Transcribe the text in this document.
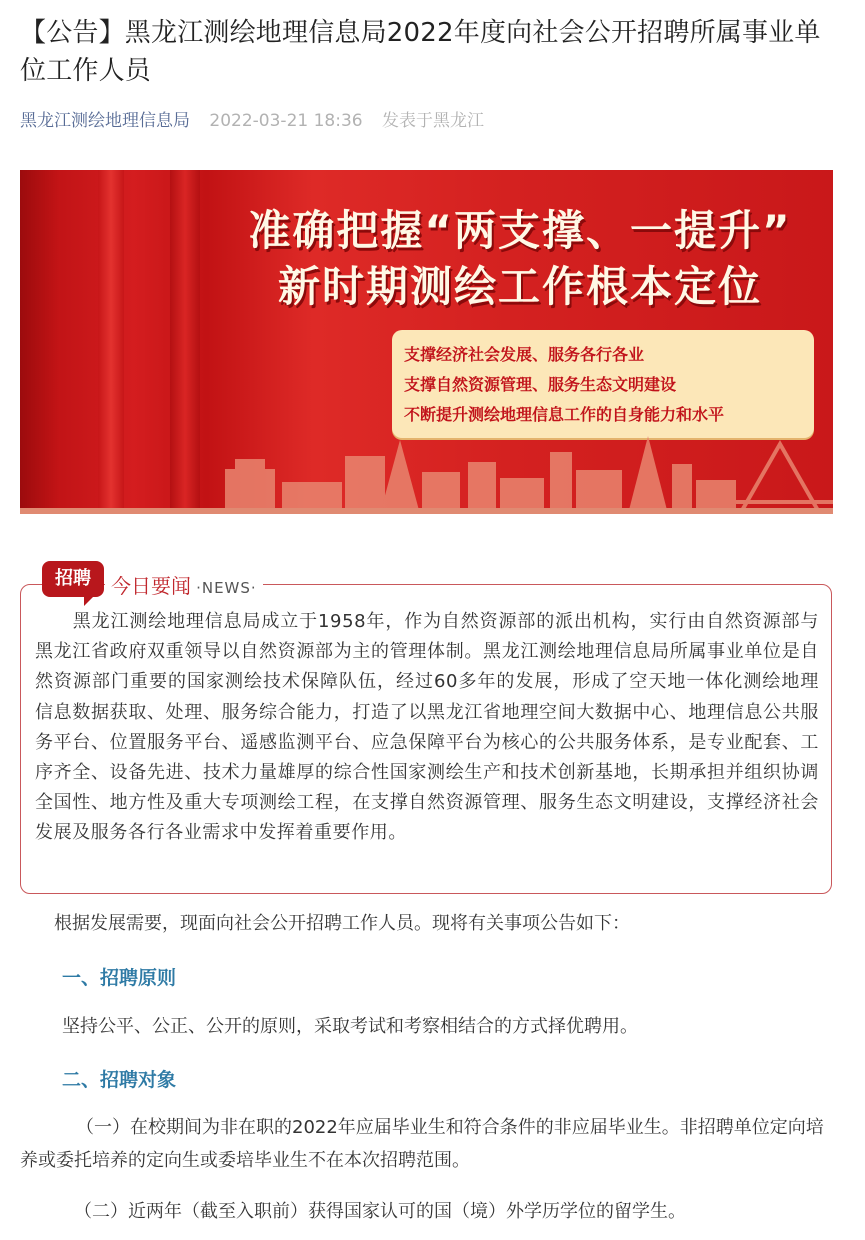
【公告】黑龙江测绘地理信息局2022年度向社会公开招聘所属事业单位工作人员
黑龙江测绘地理信息局 2022-03-21 18:36 发表于黑龙江
准确把握“两支撑、一提升”
新时期测绘工作根本定位
支撑经济社会发展、服务各行各业
支撑自然资源管理、服务生态文明建设
不断提升测绘地理信息工作的自身能力和水平
　　黑龙江测绘地理信息局成立于1958年，作为自然资源部的派出机构，实行由自然资源部与黑龙江省政府双重领导以自然资源部为主的管理体制。黑龙江测绘地理信息局所属事业单位是自然资源部门重要的国家测绘技术保障队伍，经过60多年的发展，形成了空天地一体化测绘地理信息数据获取、处理、服务综合能力，打造了以黑龙江省地理空间大数据中心、地理信息公共服务平台、位置服务平台、遥感监测平台、应急保障平台为核心的公共服务体系，是专业配套、工序齐全、设备先进、技术力量雄厚的综合性国家测绘生产和技术创新基地，长期承担并组织协调全国性、地方性及重大专项测绘工程，在支撑自然资源管理、服务生态文明建设，支撑经济社会发展及服务各行各业需求中发挥着重要作用。
招聘	今日要闻 ·NEWS·
根据发展需要，现面向社会公开招聘工作人员。现将有关事项公告如下：
一、招聘原则
坚持公平、公正、公开的原则，采取考试和考察相结合的方式择优聘用。
二、招聘对象
（一）在校期间为非在职的2022年应届毕业生和符合条件的非应届毕业生。非招聘单位定向培养或委托培养的定向生或委培毕业生不在本次招聘范围。
（二）近两年（截至入职前）获得国家认可的国（境）外学历学位的留学生。
